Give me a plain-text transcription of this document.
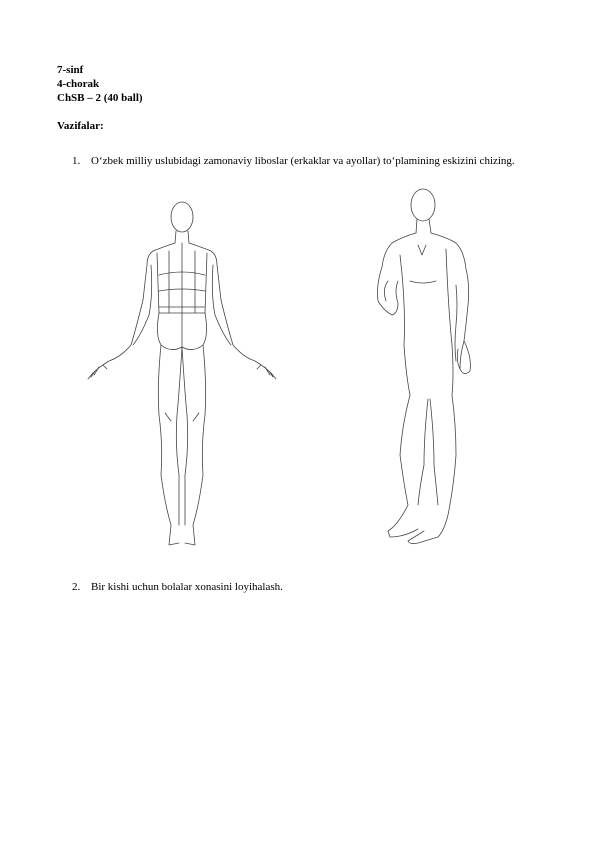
7-sinf
4-chorak
ChSB – 2 (40 ball)
Vazifalar:
1. O‘zbek milliy uslubidagi zamonaviy liboslar (erkaklar va ayollar) to‘plamining eskizini chizing.
2. Bir kishi uchun bolalar xonasini loyihalash.
